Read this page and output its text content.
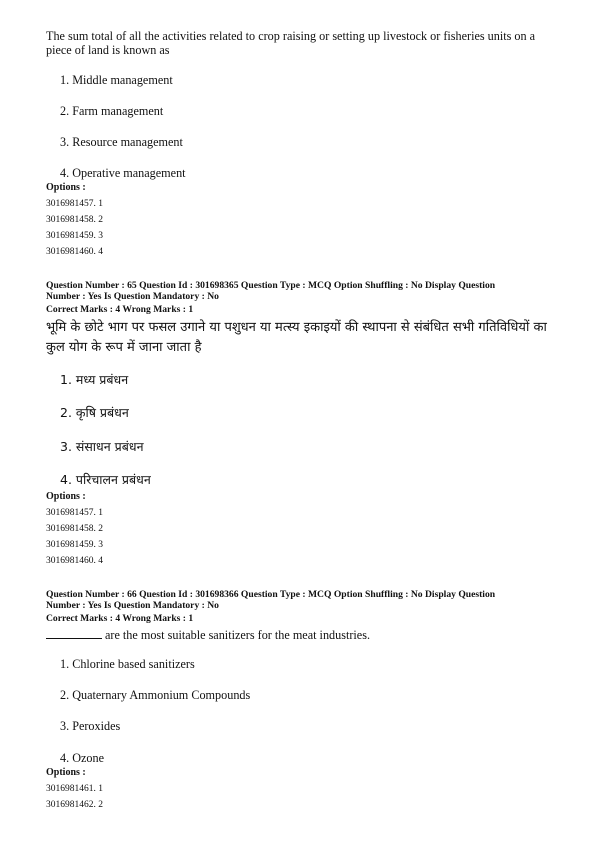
The sum total of all the activities related to crop raising or setting up livestock or fisheries units on a piece of land is known as
1. Middle management
2. Farm management
3. Resource management
4. Operative management
Options :
3016981457. 1
3016981458. 2
3016981459. 3
3016981460. 4
Question Number : 65 Question Id : 301698365 Question Type : MCQ Option Shuffling : No Display Question
Number : Yes Is Question Mandatory : No
Correct Marks : 4 Wrong Marks : 1
भूमि के छोटे भाग पर फसल उगाने या पशुधन या मत्स्य इकाइयों की स्थापना से संबंधित सभी गतिविधियों का कुल योग के रूप में जाना जाता है
1. मध्य प्रबंधन
2. कृषि प्रबंधन
3. संसाधन प्रबंधन
4. परिचालन प्रबंधन
Options :
3016981457. 1
3016981458. 2
3016981459. 3
3016981460. 4
Question Number : 66 Question Id : 301698366 Question Type : MCQ Option Shuffling : No Display Question
Number : Yes Is Question Mandatory : No
Correct Marks : 4 Wrong Marks : 1
are the most suitable sanitizers for the meat industries.
1. Chlorine based sanitizers
2. Quaternary Ammonium Compounds
3. Peroxides
4. Ozone
Options :
3016981461. 1
3016981462. 2
